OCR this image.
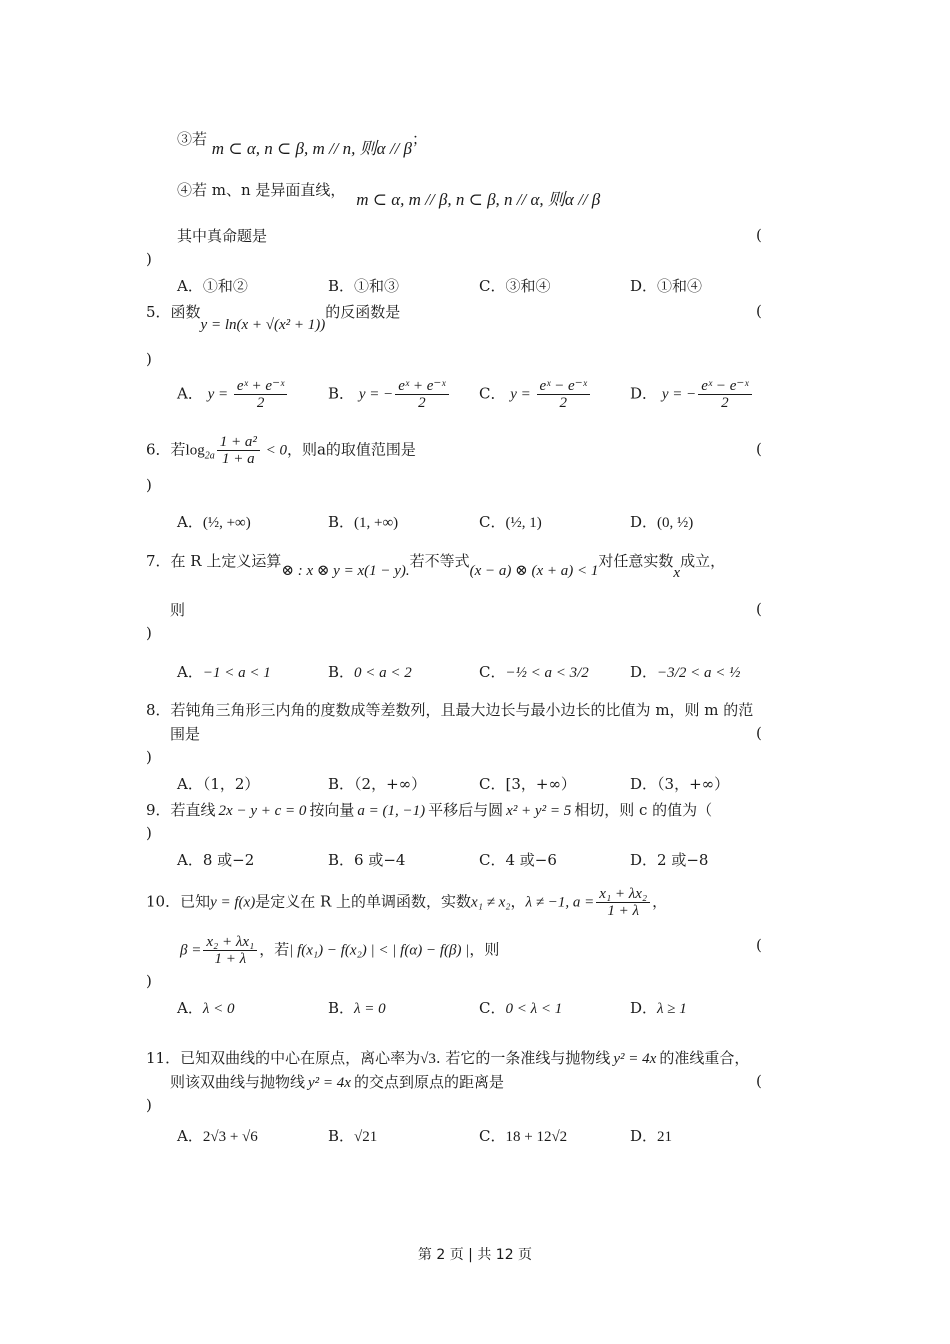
③若 m ⊂ α, n ⊂ β, m // n, 则α // β；
④若 m、n 是异面直线， m ⊂ α, m // β, n ⊂ β, n // α, 则α // β
其中真命题是	(
)
A．①和②	B．①和③	C．③和④	D．①和④
5．函数y = ln(x + √(x² + 1))的反函数是	(
)
A． $y = \frac{\text{eˣ + e⁻ˣ}}{2}$	B． y = − $\frac{\text{eˣ + e⁻ˣ}}{2}$ C． $y = \frac{\text{eˣ − e⁻ˣ}}{2}$	D． y = − $\frac{\text{eˣ − e⁻ˣ}}{2}$
6．若$\log_{2a} \frac{\text{1 + a²}}{1 + a} < 0$，则a的取值范围是	(
)
A．(½, +∞)	B．(1, +∞)	C．(½, 1)	D．(0, ½)
7．在 R 上定义运算⊗ : x ⊗ y = x(1 − y).若不等式(x − a) ⊗ (x + a) < 1对任意实数x成立，
则	(
)
A．−1 < a < 1	B．0 < a < 2	C．−½ < a < 3/2	D．−3/2 < a < ½
8．若钝角三角形三内角的度数成等差数列，且最大边长与最小边长的比值为 m，则 m 的范
围是	(
)
A．（1，2）	B．（2，+∞）	C．[3，+∞）	D．（3，+∞）
9．若直线 2x − y + c = 0 按向量 a = (1, −1) 平移后与圆 x² + y² = 5 相切，则 c 的值为（
)
A．8 或−2	B．6 或−4	C．4 或−6	D．2 或−8
10．已知y = f(x)是定义在 R 上的单调函数，实数x₁ ≠ x₂，λ ≠ −1, $a = \frac{\text{x₁ + λx₂}}{1 + \lambda}$ ，
$\beta = \frac{\text{x₂ + λx₁}}{1 + \lambda}$ ，若| f(x₁) − f(x₂) | < | f(α) − f(β) |，则	(
)
A．λ < 0	B．λ = 0	C．0 < λ < 1	D．λ ≥ 1
11．已知双曲线的中心在原点，离心率为√3. 若它的一条准线与抛物线 y² = 4x 的准线重合，
则该双曲线与抛物线 y² = 4x 的交点到原点的距离是	(
)
A．2√3 + √6	B．√21	C．18 + 12√2	D．21
第 2 页 | 共 12 页
